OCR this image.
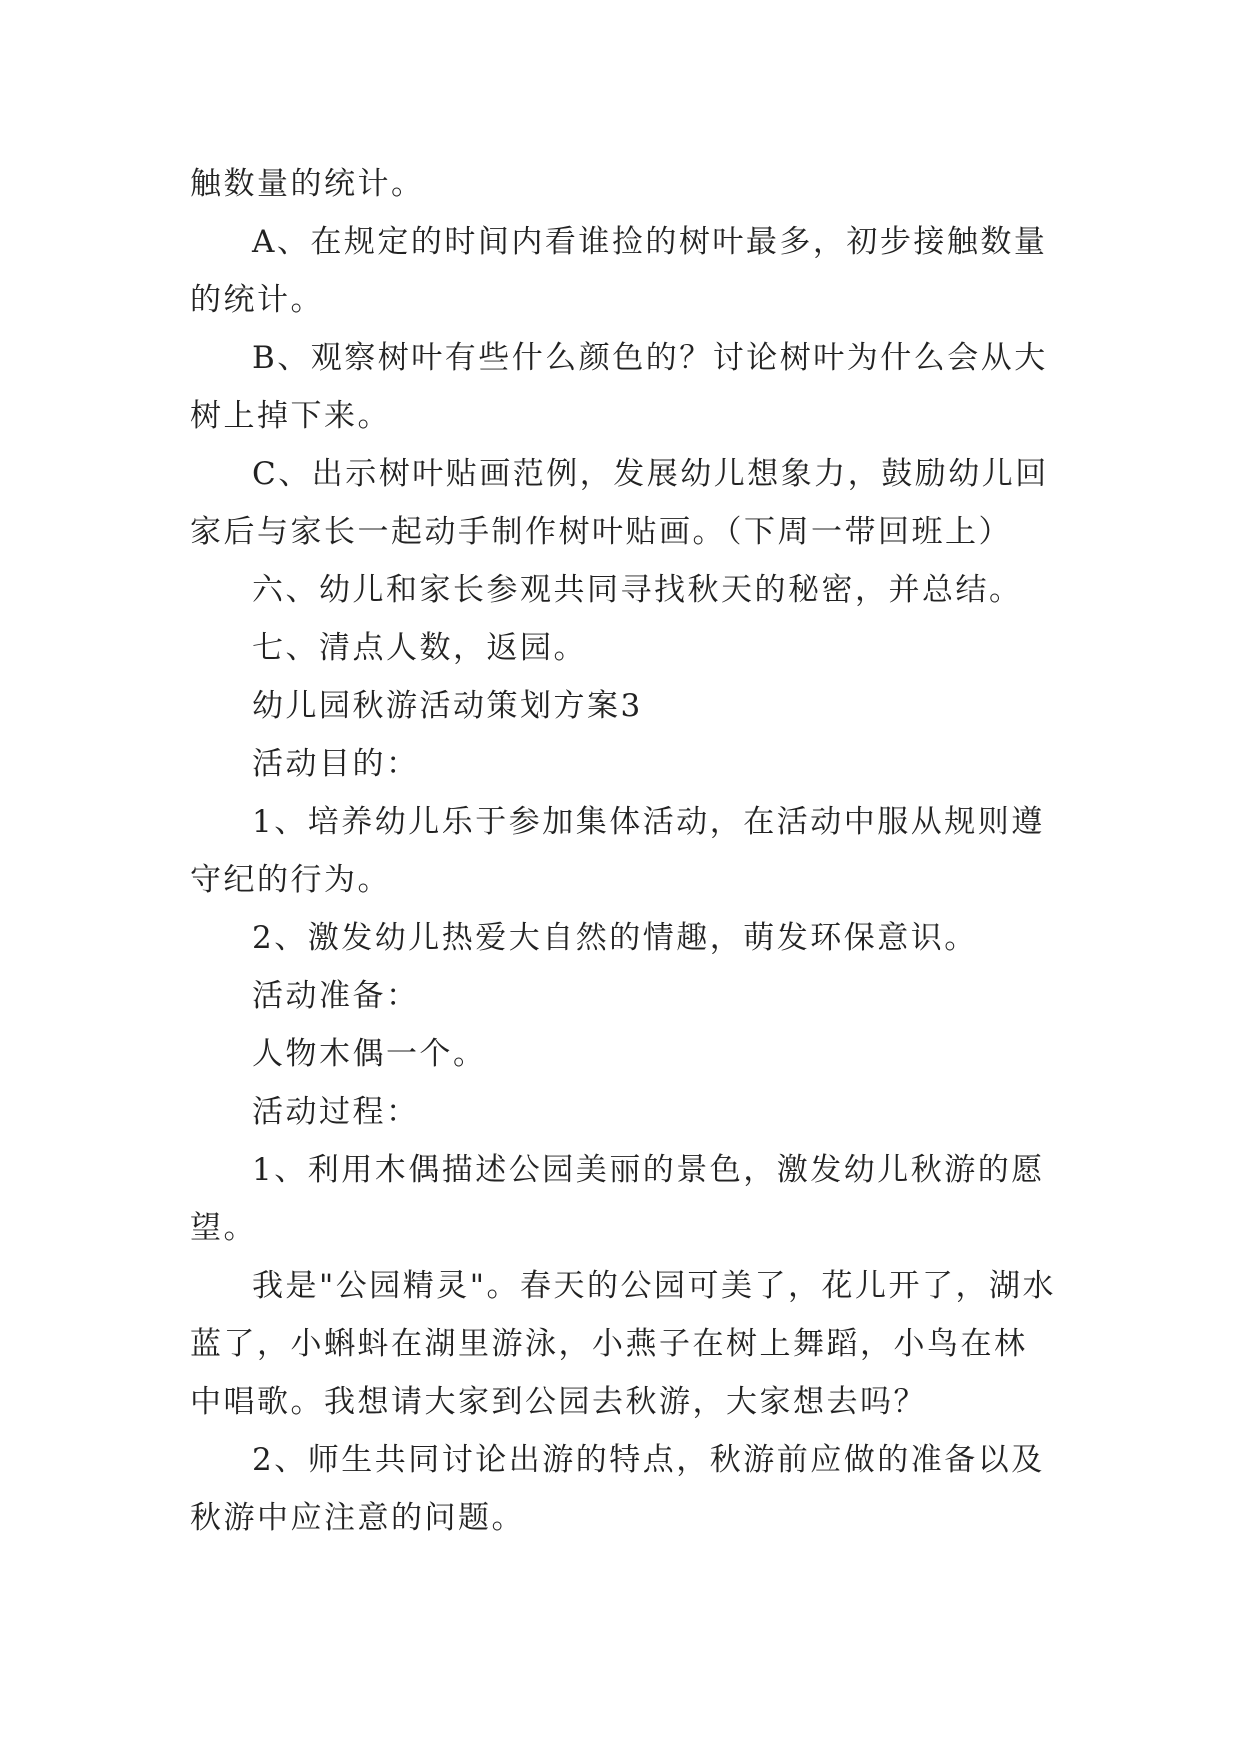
触数量的统计。

A、在规定的时间内看谁捡的树叶最多，初步接触数量的统计。

B、观察树叶有些什么颜色的？讨论树叶为什么会从大树上掉下来。

C、出示树叶贴画范例，发展幼儿想象力，鼓励幼儿回家后与家长一起动手制作树叶贴画。（下周一带回班上）

六、幼儿和家长参观共同寻找秋天的秘密，并总结。

七、清点人数，返园。

幼儿园秋游活动策划方案3

活动目的：

1、培养幼儿乐于参加集体活动，在活动中服从规则遵守纪的行为。

2、激发幼儿热爱大自然的情趣，萌发环保意识。

活动准备：

人物木偶一个。

活动过程：

1、利用木偶描述公园美丽的景色，激发幼儿秋游的愿望。

我是"公园精灵"。春天的公园可美了，花儿开了，湖水蓝了，小蝌蚪在湖里游泳，小燕子在树上舞蹈，小鸟在林中唱歌。我想请大家到公园去秋游，大家想去吗？

2、师生共同讨论出游的特点，秋游前应做的准备以及秋游中应注意的问题。
